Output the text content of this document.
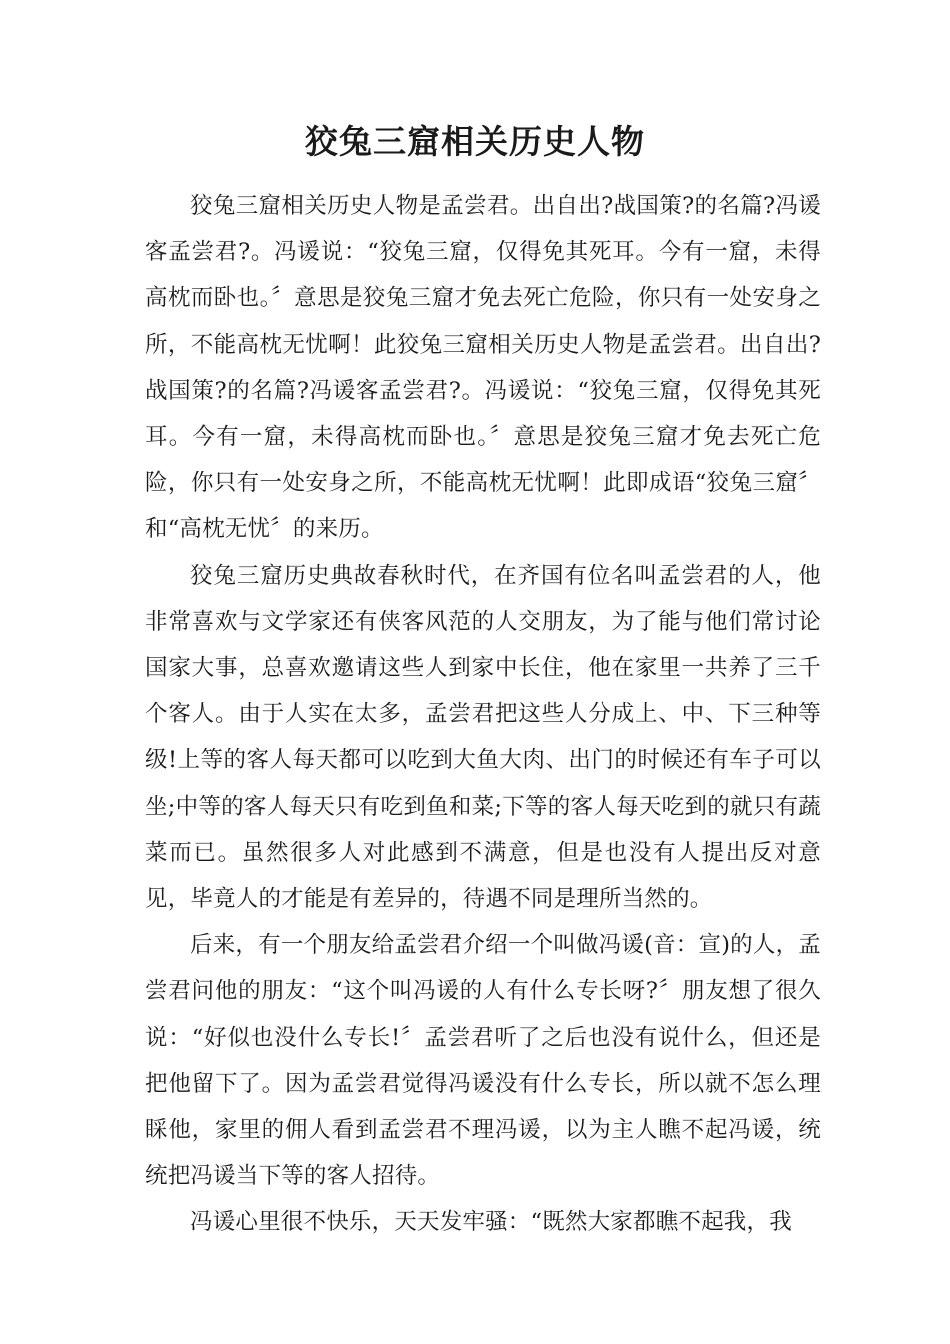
狡兔三窟相关历史人物

狡兔三窟相关历史人物是孟尝君。出自出?战国策?的名篇?冯谖客孟尝君?。冯谖说：“狡兔三窟，仅得免其死耳。今有一窟，未得高枕而卧也。〞意思是狡兔三窟才免去死亡危险，你只有一处安身之所，不能高枕无忧啊！此狡兔三窟相关历史人物是孟尝君。出自出?战国策?的名篇?冯谖客孟尝君?。冯谖说：“狡兔三窟，仅得免其死耳。今有一窟，未得高枕而卧也。〞意思是狡兔三窟才免去死亡危险，你只有一处安身之所，不能高枕无忧啊！此即成语“狡兔三窟〞和“高枕无忧〞的来历。

狡兔三窟历史典故春秋时代，在齐国有位名叫孟尝君的人，他非常喜欢与文学家还有侠客风范的人交朋友，为了能与他们常讨论国家大事，总喜欢邀请这些人到家中长住，他在家里一共养了三千个客人。由于人实在太多，孟尝君把这些人分成上、中、下三种等级!上等的客人每天都可以吃到大鱼大肉、出门的时候还有车子可以坐;中等的客人每天只有吃到鱼和菜;下等的客人每天吃到的就只有蔬菜而已。虽然很多人对此感到不满意，但是也没有人提出反对意见，毕竟人的才能是有差异的，待遇不同是理所当然的。

后来，有一个朋友给孟尝君介绍一个叫做冯谖(音：宣)的人，孟尝君问他的朋友：“这个叫冯谖的人有什么专长呀?〞朋友想了很久说：“好似也没什么专长!〞孟尝君听了之后也没有说什么，但还是把他留下了。因为孟尝君觉得冯谖没有什么专长，所以就不怎么理睬他，家里的佣人看到孟尝君不理冯谖，以为主人瞧不起冯谖，统统把冯谖当下等的客人招待。

冯谖心里很不快乐，天天发牢骚：“既然大家都瞧不起我，我
